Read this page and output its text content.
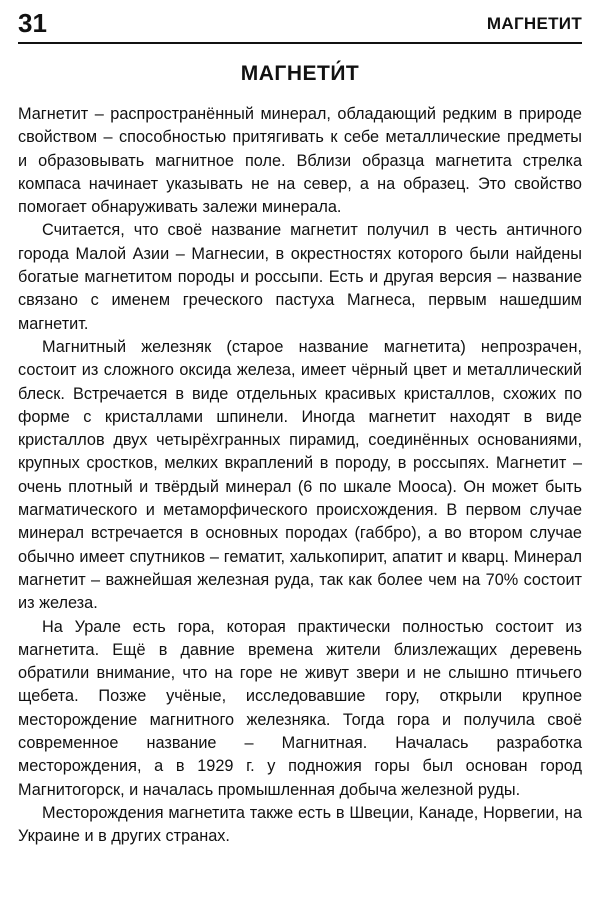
31	МАГНЕТИТ
МАГНЕТИ́Т

Магнетит – распространённый минерал, обладающий редким в природе свойством – способностью притягивать к себе металлические предметы и образовывать магнитное поле. Вблизи образца магнетита стрелка компаса начинает указывать не на север, а на образец. Это свойство помогает обнаруживать залежи минерала.

Считается, что своё название магнетит получил в честь античного города Малой Азии – Магнесии, в окрестностях которого были найдены богатые магнетитом породы и россыпи. Есть и другая версия – название связано с именем греческого пастуха Магнеса, первым нашедшим магнетит.

Магнитный железняк (старое название магнетита) непрозрачен, состоит из сложного оксида железа, имеет чёрный цвет и металлический блеск. Встречается в виде отдельных красивых кристаллов, схожих по форме с кристаллами шпинели. Иногда магнетит находят в виде кристаллов двух четырёхгранных пирамид, соединённых основаниями, крупных сростков, мелких вкраплений в породу, в россыпях. Магнетит – очень плотный и твёрдый минерал (6 по шкале Мооса). Он может быть магматического и метаморфического происхождения. В первом случае минерал встречается в основных породах (габбро), а во втором случае обычно имеет спутников – гематит, халькопирит, апатит и кварц. Минерал магнетит – важнейшая железная руда, так как более чем на 70% состоит из железа.

На Урале есть гора, которая практически полностью состоит из магнетита. Ещё в давние времена жители близлежащих деревень обратили внимание, что на горе не живут звери и не слышно птичьего щебета. Позже учёные, исследовавшие гору, открыли крупное месторождение магнитного железняка. Тогда гора и получила своё современное название – Магнитная. Началась разработка месторождения, а в 1929 г. у подножия горы был основан город Магнитогорск, и началась промышленная добыча железной руды.

Месторождения магнетита также есть в Швеции, Канаде, Норвегии, на Украине и в других странах.
